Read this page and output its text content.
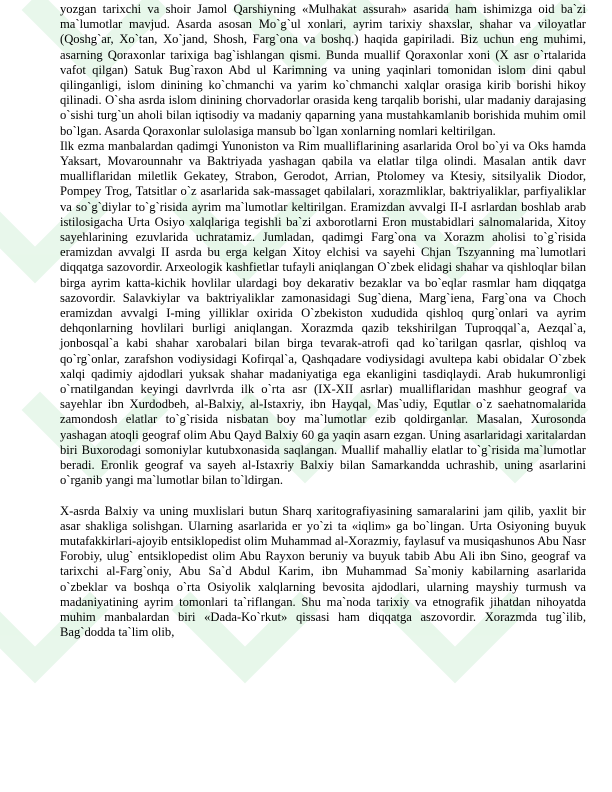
yozgan tarixchi va shoir Jamol Qarshiyning «Mulhakat assurah» asarida ham ishimizga oid ba`zi ma`lumotlar mavjud. Asarda asosan Mo`g`ul xonlari, ayrim tarixiy shaxslar, shahar va viloyatlar (Qoshg`ar, Xo`tan, Xo`jand, Shosh, Farg`ona va boshq.) haqida gapiriladi. Biz uchun eng muhimi, asarning Qoraxonlar tarixiga bag`ishlangan qismi. Bunda muallif Qoraxonlar xoni (X asr o`rtalarida vafot qilgan) Satuk Bug`raxon Abd ul Karimning va uning yaqinlari tomonidan islom dini qabul qilinganligi, islom dinining ko`chmanchi va yarim ko`chmanchi xalqlar orasiga kirib borishi hikoy qilinadi. O`sha asrda islom dinining chorvadorlar orasida keng tarqalib borishi, ular madaniy darajasing o`sishi turg`un aholi bilan iqtisodiy va madaniy qaparning yana mustahkamlanib borishida muhim omil bo`lgan. Asarda Qoraxonlar sulolasiga mansub bo`lgan xonlarning nomlari keltirilgan.

Ilk ezma manbalardan qadimgi Yunoniston va Rim mualliflarining asarlarida Orol bo`yi va Oks hamda Yaksart, Movarounnahr va Baktriyada yashagan qabila va elatlar tilga olindi. Masalan antik davr mualliflaridan miletlik Gekatey, Strabon, Gerodot, Arrian, Ptolomey va Ktesiy, sitsilyalik Diodor, Pompey Trog, Tatsitlar o`z asarlarida sak-massaget qabilalari, xorazmliklar, baktriyaliklar, parfiyaliklar va so`g`diylar to`g`risida ayrim ma`lumotlar keltirilgan. Eramizdan avvalgi II-I asrlardan boshlab arab istilosigacha Urta Osiyo xalqlariga tegishli ba`zi axborotlarni Eron mustabidlari salnomalarida, Xitoy sayehlarining ezuvlarida uchratamiz. Jumladan, qadimgi Farg`ona va Xorazm aholisi to`g`risida eramizdan avvalgi II asrda bu erga kelgan Xitoy elchisi va sayehi Chjan Tszyanning ma`lumotlari diqqatga sazovordir. Arxeologik kashfietlar tufayli aniqlangan O`zbek elidagi shahar va qishloqlar bilan birga ayrim katta-kichik hovlilar ulardagi boy dekarativ bezaklar va bo`eqlar rasmlar ham diqqatga sazovordir. Salavkiylar va baktriyaliklar zamonasidagi Sug`diena, Marg`iena, Farg`ona va Choch eramizdan avvalgi I-ming yilliklar oxirida O`zbekiston xududida qishloq qurg`onlari va ayrim dehqonlarning hovlilari burligi aniqlangan. Xorazmda qazib tekshirilgan Tuproqqal`a, Aezqal`a, jonbosqal`a kabi shahar xarobalari bilan birga tevarak-atrofi qad ko`tarilgan qasrlar, qishloq va qo`rg`onlar, zarafshon vodiysidagi Kofirqal`a, Qashqadare vodiysidagi avultepa kabi obidalar O`zbek xalqi qadimiy ajdodlari yuksak shahar madaniyatiga ega ekanligini tasdiqlaydi. Arab hukumronligi o`rnatilgandan keyingi davrlvrda ilk o`rta asr (IX-XII asrlar) mualliflaridan mashhur geograf va sayehlar ibn Xurdodbeh, al-Balxiy, al-Istaxriy, ibn Hayqal, Mas`udiy, Equtlar o`z saehatnomalarida zamondosh elatlar to`g`risida nisbatan boy ma`lumotlar ezib qoldirganlar. Masalan, Xurosonda yashagan atoqli geograf olim Abu Qayd Balxiy 60 ga yaqin asarn ezgan. Uning asarlaridagi xaritalardan biri Buxorodagi somoniylar kutubxonasida saqlangan. Muallif mahalliy elatlar to`g`risida ma`lumotlar beradi. Eronlik geograf va sayeh al-Istaxriy Balxiy bilan Samarkandda uchrashib, uning asarlarini o`rganib yangi ma`lumotlar bilan to`ldirgan.

X-asrda Balxiy va uning muxlislari butun Sharq xaritografiyasining samaralarini jam qilib, yaxlit bir asar shakliga solishgan. Ularning asarlarida er yo`zi ta «iqlim» ga bo`lingan. Urta Osiyoning buyuk mutafakkirlari-ajoyib entsiklopedist olim Muhammad al-Xorazmiy, faylasuf va musiqashunos Abu Nasr Forobiy, ulug` entsiklopedist olim Abu Rayxon beruniy va buyuk tabib Abu Ali ibn Sino, geograf va tarixchi al-Farg`oniy, Abu Sa`d Abdul Karim, ibn Muhammad Sa`moniy kabilarning asarlarida o`zbeklar va boshqa o`rta Osiyolik xalqlarning bevosita ajdodlari, ularning mayshiy turmush va madaniyatining ayrim tomonlari ta`riflangan. Shu ma`noda tarixiy va etnografik jihatdan nihoyatda muhim manbalardan biri «Dada-Ko`rkut» qissasi ham diqqatga aszovordir. Xorazmda tug`ilib, Bag`dodda ta`lim olib,
